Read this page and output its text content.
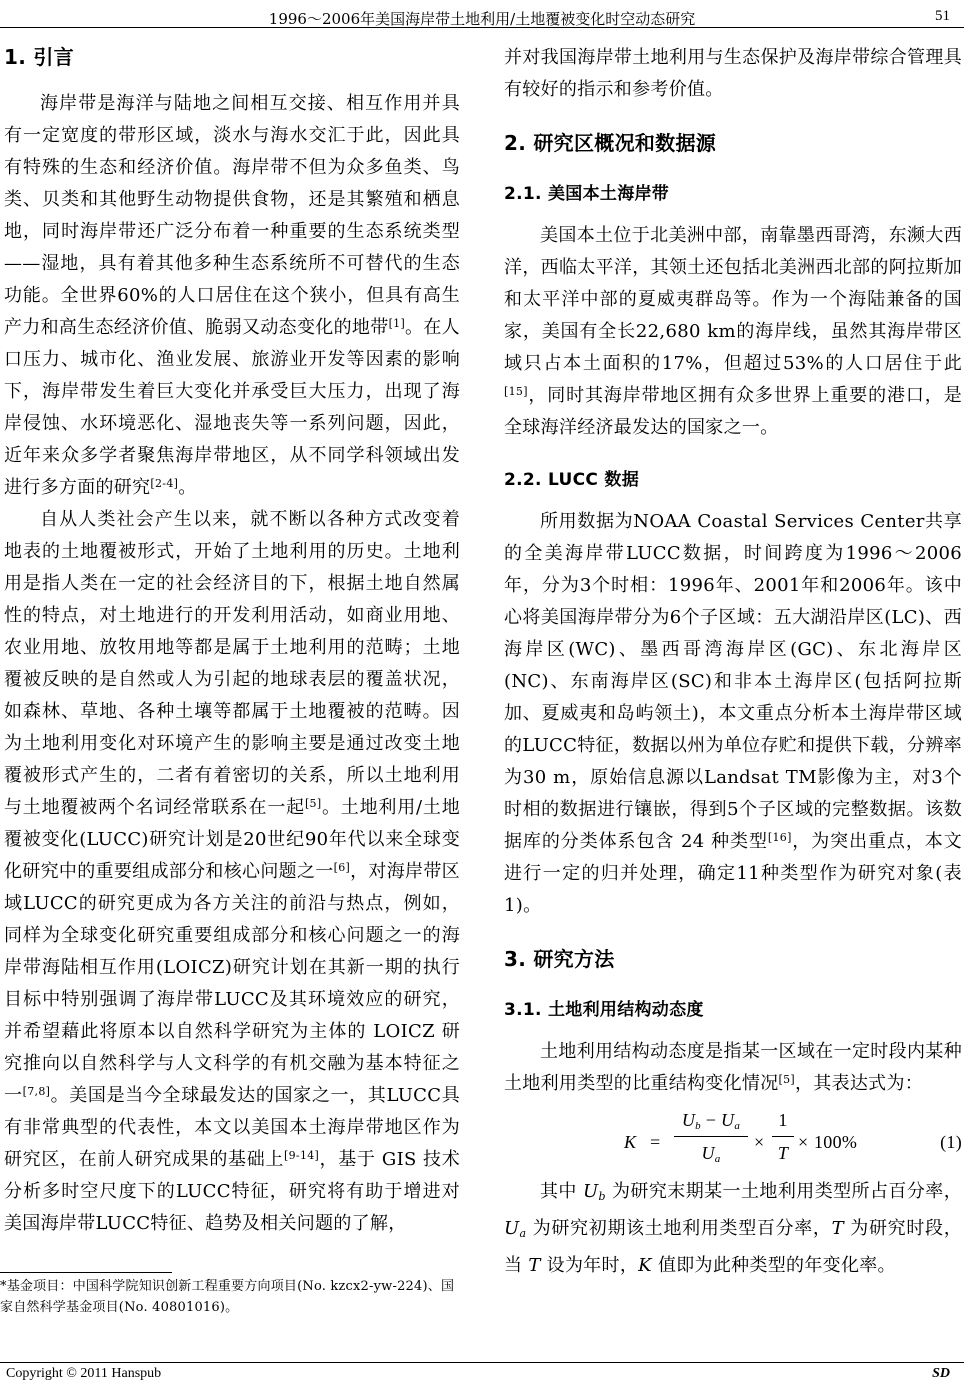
1996～2006年美国海岸带土地利用/土地覆被变化时空动态研究	51
1. 引言

海岸带是海洋与陆地之间相互交接、相互作用并具有一定宽度的带形区域，淡水与海水交汇于此，因此具有特殊的生态和经济价值。海岸带不但为众多鱼类、鸟类、贝类和其他野生动物提供食物，还是其繁殖和栖息地，同时海岸带还广泛分布着一种重要的生态系统类型——湿地，具有着其他多种生态系统所不可替代的生态功能。全世界60%的人口居住在这个狭小，但具有高生产力和高生态经济价值、脆弱又动态变化的地带[1]。在人口压力、城市化、渔业发展、旅游业开发等因素的影响下，海岸带发生着巨大变化并承受巨大压力，出现了海岸侵蚀、水环境恶化、湿地丧失等一系列问题，因此，近年来众多学者聚焦海岸带地区，从不同学科领域出发进行多方面的研究[2-4]。

自从人类社会产生以来，就不断以各种方式改变着地表的土地覆被形式，开始了土地利用的历史。土地利用是指人类在一定的社会经济目的下，根据土地自然属性的特点，对土地进行的开发利用活动，如商业用地、农业用地、放牧用地等都是属于土地利用的范畴；土地覆被反映的是自然或人为引起的地球表层的覆盖状况，如森林、草地、各种土壤等都属于土地覆被的范畴。因为土地利用变化对环境产生的影响主要是通过改变土地覆被形式产生的，二者有着密切的关系，所以土地利用与土地覆被两个名词经常联系在一起[5]。土地利用/土地覆被变化(LUCC)研究计划是20世纪90年代以来全球变化研究中的重要组成部分和核心问题之一[6]，对海岸带区域LUCC的研究更成为各方关注的前沿与热点，例如，同样为全球变化研究重要组成部分和核心问题之一的海岸带海陆相互作用(LOICZ)研究计划在其新一期的执行目标中特别强调了海岸带LUCC及其环境效应的研究，并希望藉此将原本以自然科学研究为主体的 LOICZ 研究推向以自然科学与人文科学的有机交融为基本特征之一[7,8]。美国是当今全球最发达的国家之一，其LUCC具有非常典型的代表性，本文以美国本土海岸带地区作为研究区，在前人研究成果的基础上[9-14]，基于 GIS 技术分析多时空尺度下的LUCC特征，研究将有助于增进对美国海岸带LUCC特征、趋势及相关问题的了解，

*基金项目：中国科学院知识创新工程重要方向项目(No. kzcx2-yw-224)、国家自然科学基金项目(No. 40801016)。

并对我国海岸带土地利用与生态保护及海岸带综合管理具有较好的指示和参考价值。

2. 研究区概况和数据源
2.1. 美国本土海岸带

美国本土位于北美洲中部，南靠墨西哥湾，东濒大西洋，西临太平洋，其领土还包括北美洲西北部的阿拉斯加和太平洋中部的夏威夷群岛等。作为一个海陆兼备的国家，美国有全长22,680 km的海岸线，虽然其海岸带区域只占本土面积的17%，但超过53%的人口居住于此[15]，同时其海岸带地区拥有众多世界上重要的港口，是全球海洋经济最发达的国家之一。

2.2. LUCC 数据

所用数据为NOAA Coastal Services Center共享的全美海岸带LUCC数据，时间跨度为1996～2006年，分为3个时相：1996年、2001年和2006年。该中心将美国海岸带分为6个子区域：五大湖沿岸区(LC)、西海岸区(WC)、墨西哥湾海岸区(GC)、东北海岸区(NC)、东南海岸区(SC)和非本土海岸区(包括阿拉斯加、夏威夷和岛屿领土)，本文重点分析本土海岸带区域的LUCC特征，数据以州为单位存贮和提供下载，分辨率为30 m，原始信息源以Landsat TM影像为主，对3个时相的数据进行镶嵌，得到5个子区域的完整数据。该数据库的分类体系包含 24 种类型[16]，为突出重点，本文进行一定的归并处理，确定11种类型作为研究对象(表1)。

3. 研究方法
3.1. 土地利用结构动态度

土地利用结构动态度是指某一区域在一定时段内某种土地利用类型的比重结构变化情况[5]，其表达式为：

K =
$U_b - U_a$
$U_a$
×
1
T
× 100%	(1)

其中 $U_b$ 为研究末期某一土地利用类型所占百分率，$U_a$ 为研究初期该土地利用类型百分率，T 为研究时段，当 T 设为年时，K 值即为此种类型的年变化率。

Copyright © 2011 Hanspub	SD
